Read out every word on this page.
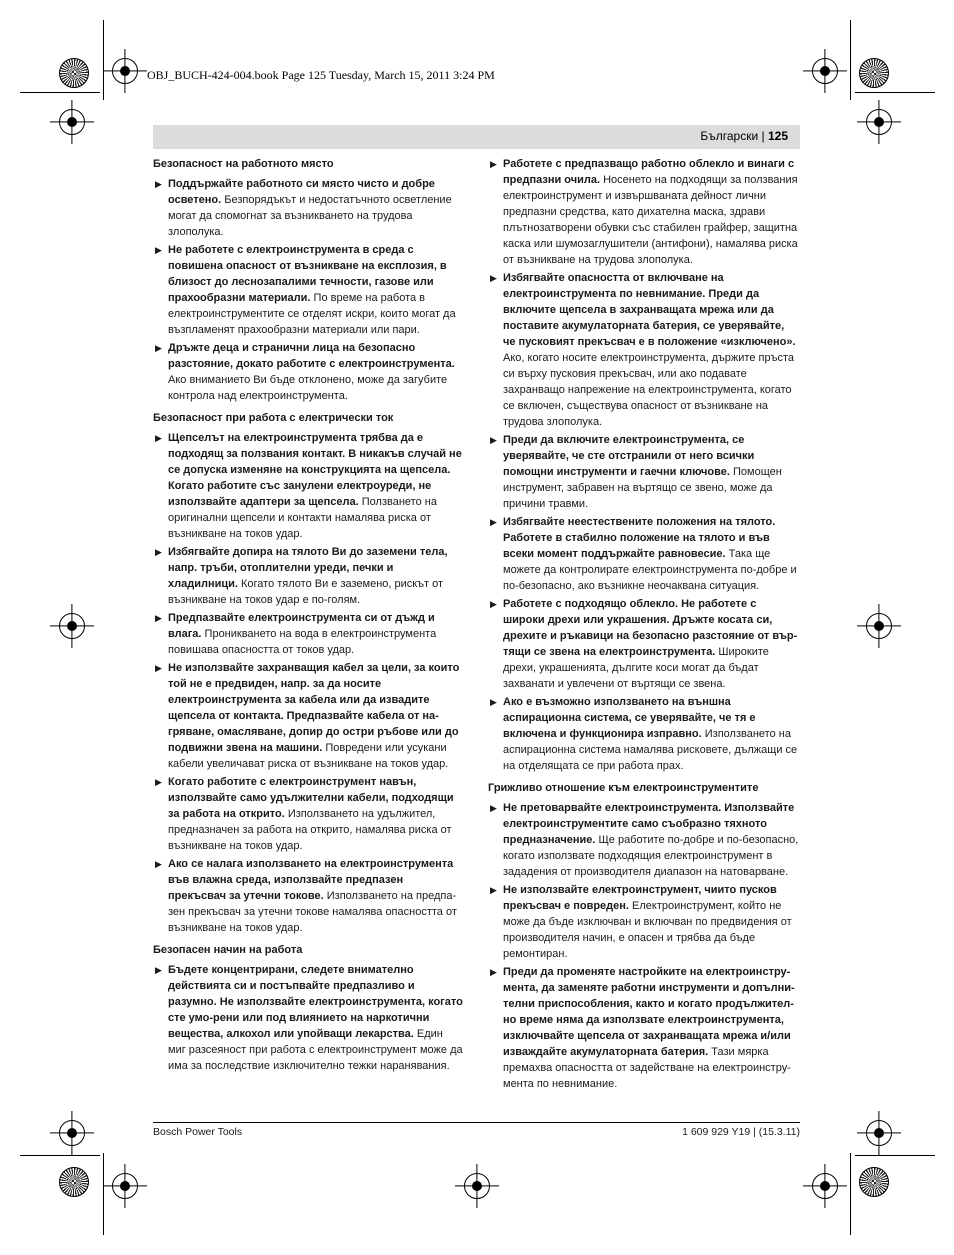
OBJ_BUCH-424-004.book Page 125 Tuesday, March 15, 2011 3:24 PM
Български | 125
Безопасност на работното място
▶ Поддържайте работното си място чисто и добре осветено. Безпорядъкът и недостатъчното осветление могат да спомогнат за възникването на трудова злополука.
▶ Не работете с електроинструмента в среда с повишена опасност от възникване на експлозия, в близост до леснозапалими течности, газове или прахообразни материали. По време на работа в електроинструментите се отделят искри, които могат да възпламенят прахообразни материали или пари.
▶ Дръжте деца и странични лица на безопасно разстояние, докато работите с електроинструмента. Ако вниманието Ви бъде отклонено, може да загубите контрола над електроинструмента.
Безопасност при работа с електрически ток
▶ Щепселът на електроинструмента трябва да е подходящ за ползвания контакт. В никакъв случай не се допуска изменяне на конструкцията на щепсела. Когато работите със занулени електроуреди, не използвайте адаптери за щепсела. Ползването на оригинални щепсели и контакти намалява риска от възникване на токов удар.
▶ Избягвайте допира на тялото Ви до заземени тела, напр. тръби, отоплителни уреди, печки и хладилници. Когато тялото Ви е заземено, рискът от възникване на токов удар е по-голям.
▶ Предпазвайте електроинструмента си от дъжд и влага. Проникването на вода в електроинструмента повишава опасността от токов удар.
▶ Не използвайте захранващия кабел за цели, за които той не е предвиден, напр. за да носите електроинструмента за кабела или да извадите щепсела от контакта. Предпазвайте кабела от на-гряване, омасляване, допир до остри ръбове или до подвижни звена на машини. Повредени или усукани кабели увеличават риска от възникване на токов удар.
▶ Когато работите с електроинструмент навън, използвайте само удължителни кабели, подходящи за работа на открито. Използването на удължител, предназначен за работа на открито, намалява риска от възникване на токов удар.
▶ Ако се налага използването на електроинструмента във влажна среда, използвайте предпазен прекъсвач за утечни токове. Използването на предпа-зен прекъсвач за утечни токове намалява опасността от възникване на токов удар.
Безопасен начин на работа
▶ Бъдете концентрирани, следете внимателно действията си и постъпвайте предпазливо и разумно. Не използвайте електроинструмента, когато сте умо-рени или под влиянието на наркотични вещества, алкохол или упойващи лекарства. Един миг разсеяност при работа с електроинструмент може да има за последствие изключително тежки наранявания.
▶ Работете с предпазващо работно облекло и винаги с предпазни очила. Носенето на подходящи за ползвания електроинструмент и извършваната дейност лични предпазни средства, като дихателна маска, здрави плътнозатворени обувки със стабилен грайфер, защитна каска или шумозаглушители (антифони), намалява риска от възникване на трудова злополука.
▶ Избягвайте опасността от включване на електроинструмента по невнимание. Преди да включите щепсела в захранващата мрежа или да поставите акумулаторната батерия, се уверявайте, че пусковият прекъсвач е в положение «изключено». Ако, когато носите електроинструмента, държите пръста си върху пусковия прекъсвач, или ако подавате захранващо напрежение на електроинструмента, когато се включен, съществува опасност от възникване на трудова злополука.
▶ Преди да включите електроинструмента, се уверявайте, че сте отстранили от него всички помощни инструменти и гаечни ключове. Помощен инструмент, забравен на въртящо се звено, може да причини травми.
▶ Избягвайте неестествените положения на тялото. Работете в стабилно положение на тялото и във всеки момент поддържайте равновесие. Така ще можете да контролирате електроинструмента по-добре и по-безопасно, ако възникне неочаквана ситуация.
▶ Работете с подходящо облекло. Не работете с широки дрехи или украшения. Дръжте косата си, дрехите и ръкавици на безопасно разстояние от вър-тящи се звена на електроинструмента. Широките дрехи, украшенията, дългите коси могат да бъдат захванати и увлечени от въртящи се звена.
▶ Ако е възможно използването на външна аспирационна система, се уверявайте, че тя е включена и функционира изправно. Използването на аспирационна система намалява рисковете, дължащи се на отделящата се при работа прах.
Грижливо отношение към електроинструментите
▶ Не претоварвайте електроинструмента. Използвайте електроинструментите само съобразно тяхното предназначение. Ще работите по-добре и по-безопасно, когато използвате подходящия електроинструмент в зададения от производителя диапазон на натоварване.
▶ Не използвайте електроинструмент, чиито пусков прекъсвач е повреден. Електроинструмент, който не може да бъде изключван и включван по предвидения от производителя начин, е опасен и трябва да бъде ремонтиран.
▶ Преди да променяте настройките на електроинстру-мента, да заменяте работни инструменти и допълни-телни приспособления, както и когато продължител-но време няма да използвате електроинструмента, изключвайте щепсела от захранващата мрежа и/или изваждайте акумулаторната батерия. Тази мярка премахва опасността от задействане на електроинстру-мента по невнимание.
Bosch Power Tools	1 609 929 Y19 | (15.3.11)
